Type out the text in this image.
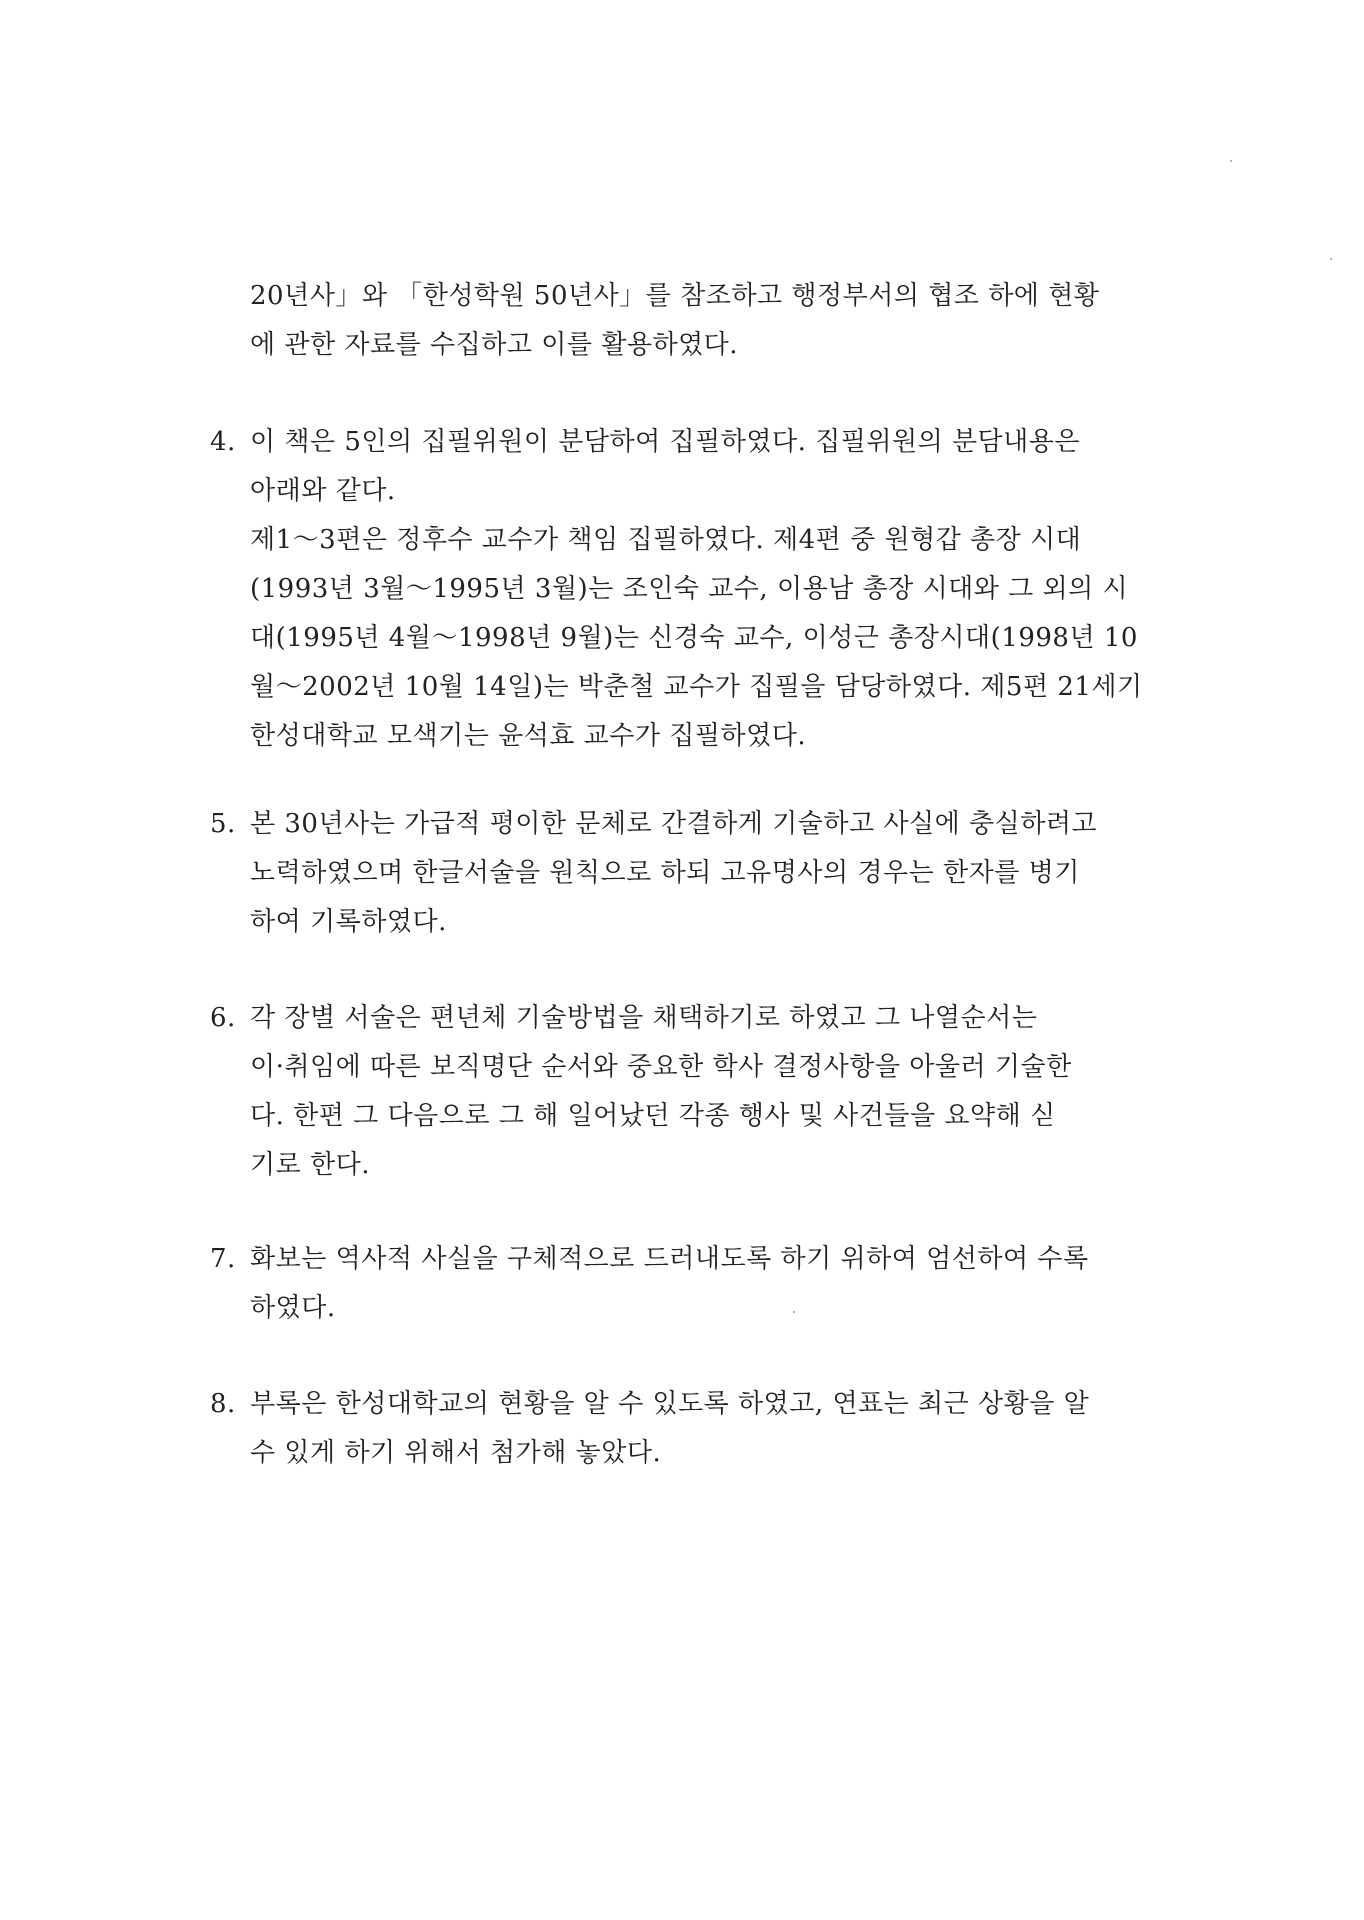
20년사」와 「한성학원 50년사」를 참조하고 행정부서의 협조 하에 현황
에 관한 자료를 수집하고 이를 활용하였다.
4. 이 책은 5인의 집필위원이 분담하여 집필하였다. 집필위원의 분담내용은
아래와 같다.
제1～3편은 정후수 교수가 책임 집필하였다. 제4편 중 원형갑 총장 시대
(1993년 3월～1995년 3월)는 조인숙 교수, 이용남 총장 시대와 그 외의 시
대(1995년 4월～1998년 9월)는 신경숙 교수, 이성근 총장시대(1998년 10
월～2002년 10월 14일)는 박춘철 교수가 집필을 담당하였다. 제5편 21세기
한성대학교 모색기는 윤석효 교수가 집필하였다.
5. 본 30년사는 가급적 평이한 문체로 간결하게 기술하고 사실에 충실하려고
노력하였으며 한글서술을 원칙으로 하되 고유명사의 경우는 한자를 병기
하여 기록하였다.
6. 각 장별 서술은 편년체 기술방법을 채택하기로 하였고 그 나열순서는
이·취임에 따른 보직명단 순서와 중요한 학사 결정사항을 아울러 기술한
다. 한편 그 다음으로 그 해 일어났던 각종 행사 및 사건들을 요약해 싣
기로 한다.
7. 화보는 역사적 사실을 구체적으로 드러내도록 하기 위하여 엄선하여 수록
하였다.
8. 부록은 한성대학교의 현황을 알 수 있도록 하였고, 연표는 최근 상황을 알
수 있게 하기 위해서 첨가해 놓았다.
